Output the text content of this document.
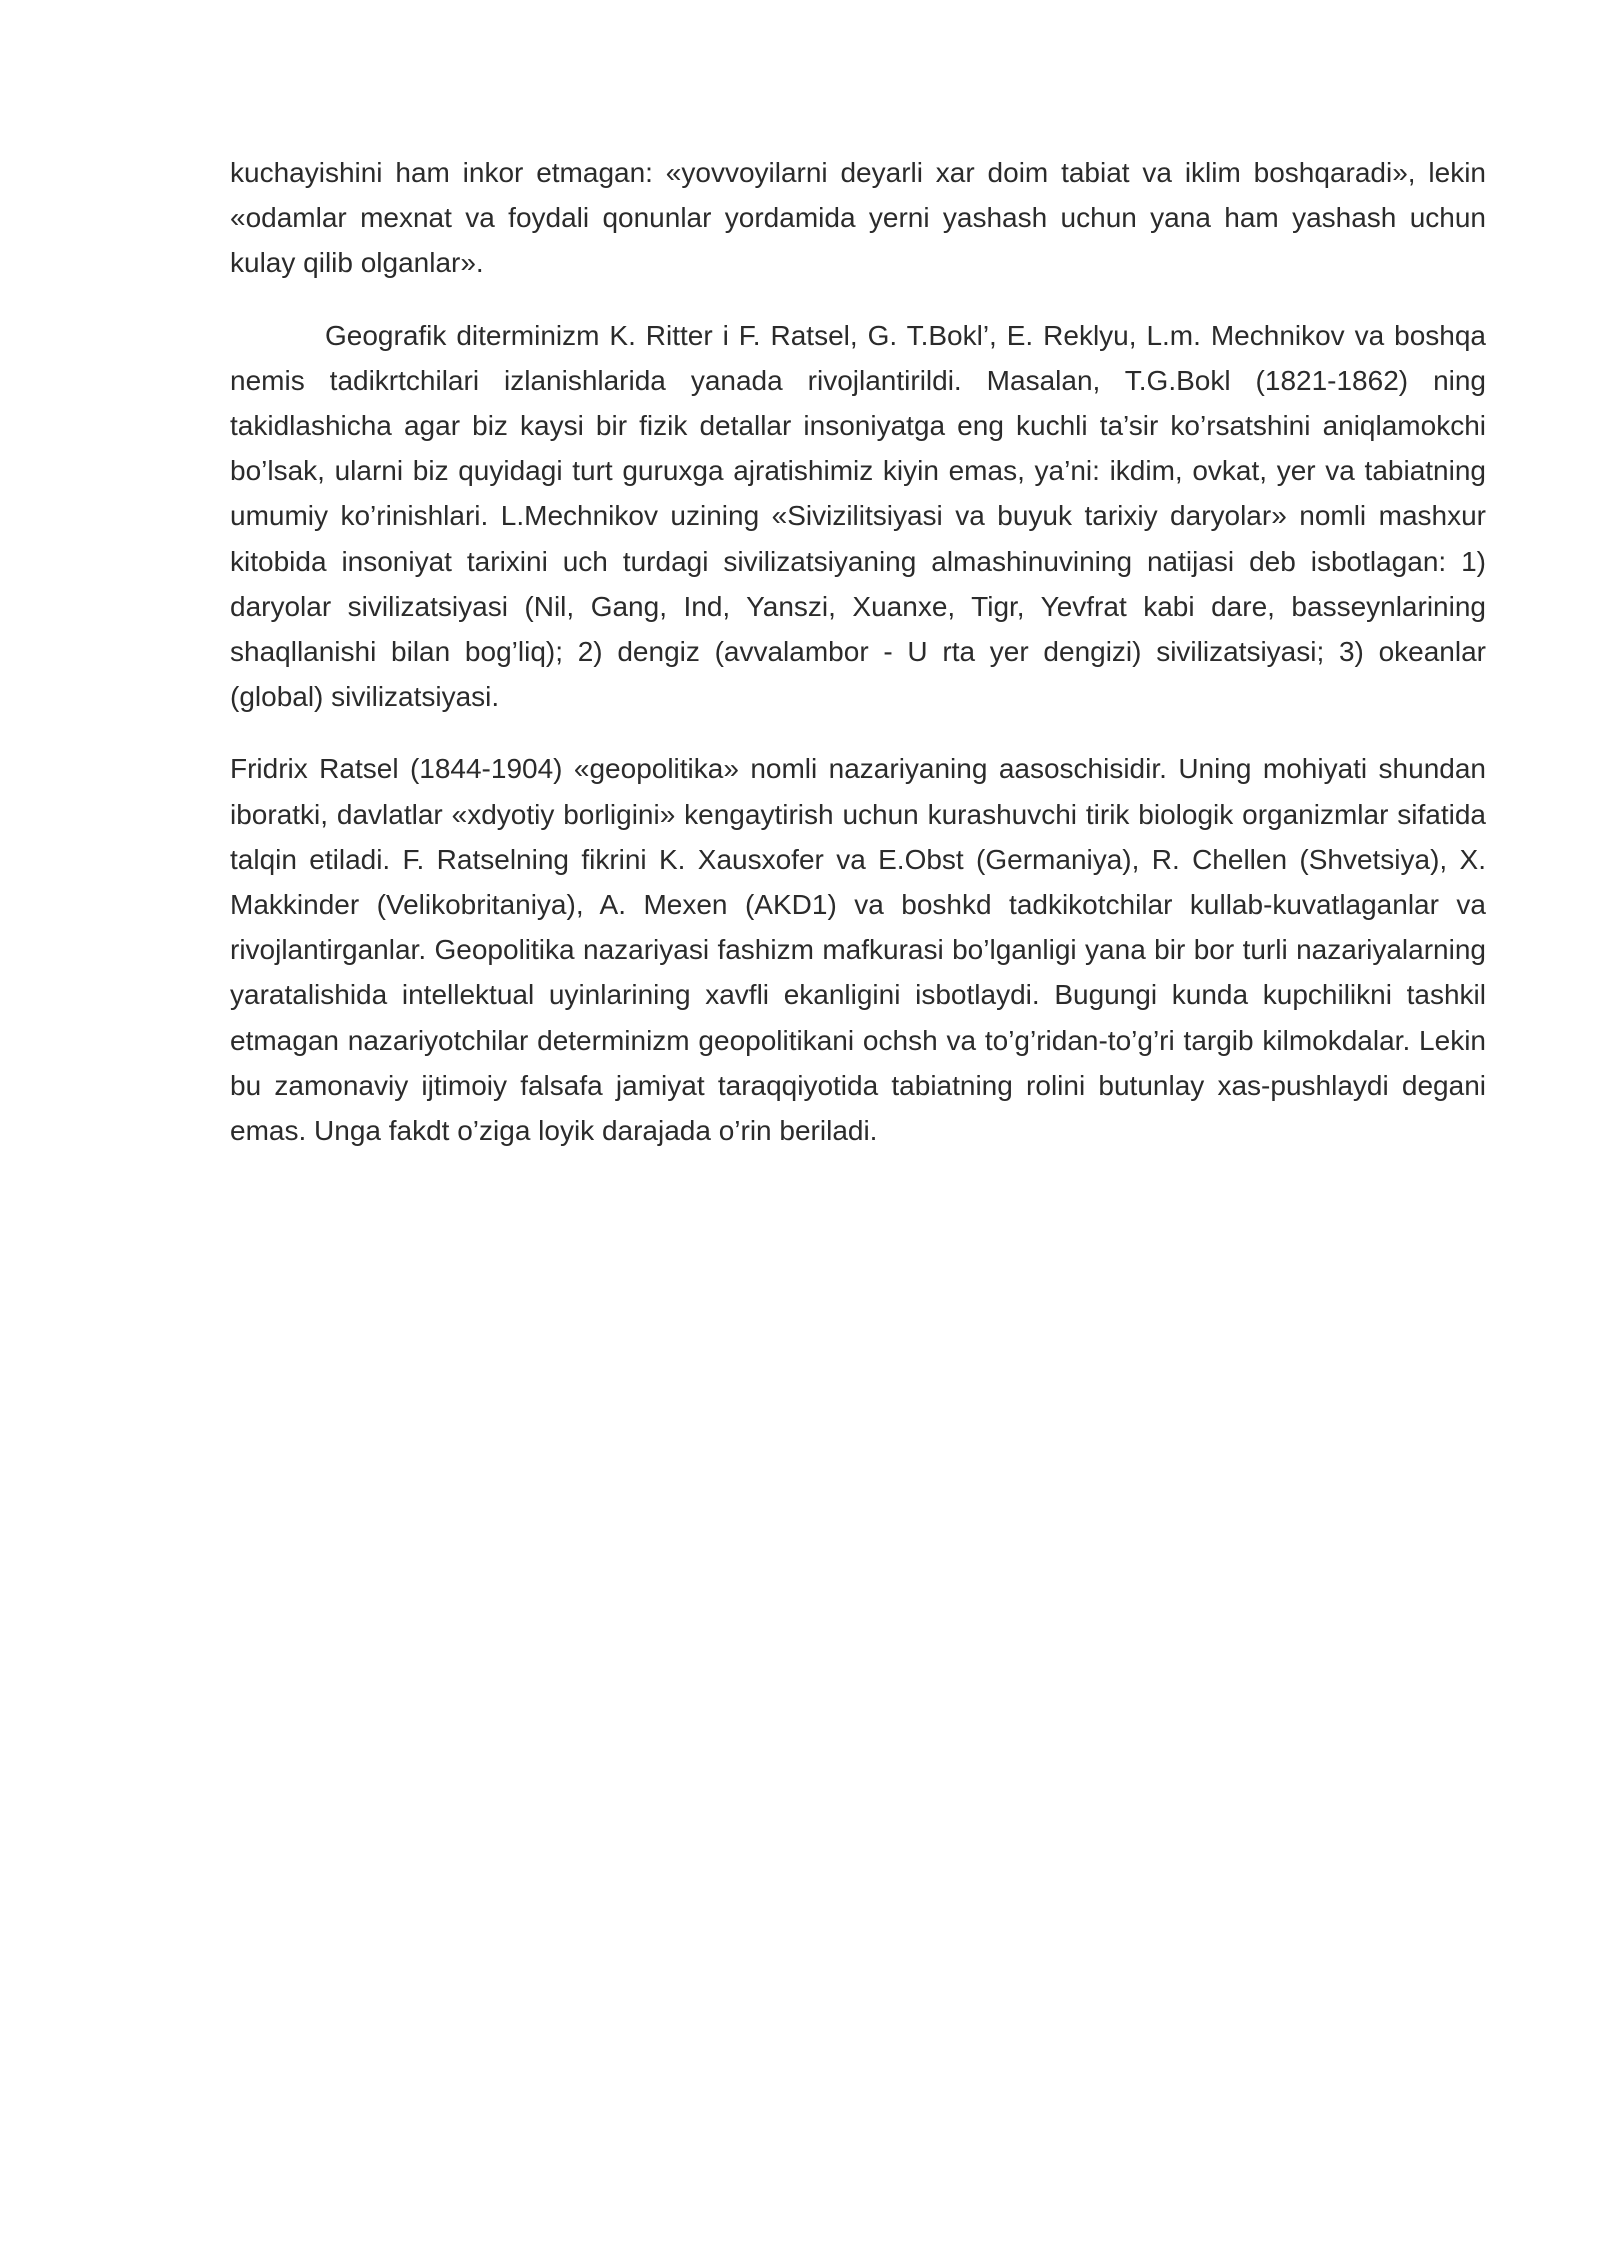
kuchayishini ham inkor etmagan: «yovvoyilarni deyarli xar doim tabiat va iklim boshqaradi», lekin «odamlar mexnat va foydali qonunlar yordamida yerni yashash uchun yana ham yashash uchun kulay qilib olganlar».

Geografik diterminizm K. Ritter i F. Ratsel, G. T.Bokl’, E. Reklyu, L.m. Mechnikov va boshqa nemis tadikrtchilari izlanishlarida yanada rivojlantirildi. Masalan, T.G.Bokl (1821-1862) ning takidlashicha agar biz kaysi bir fizik detallar insoniyatga eng kuchli ta’sir ko’rsatshini aniqlamokchi bo’lsak, ularni biz quyidagi turt guruxga ajratishimiz kiyin emas, ya’ni: ikdim, ovkat, yer va tabiatning umumiy ko’rinishlari. L.Mechnikov uzining «Sivizilitsiyasi va buyuk tarixiy daryolar» nomli mashxur kitobida insoniyat tarixini uch turdagi sivilizatsiyaning almashinuvining natijasi deb isbotlagan: 1) daryolar sivilizatsiyasi (Nil, Gang, Ind, Yanszi, Xuanxe, Tigr, Yevfrat kabi dare, basseynlarining shaqllanishi bilan bog’liq); 2) dengiz (avvalambor - U rta yer dengizi) sivilizatsiyasi; 3) okeanlar (global) sivilizatsiyasi.

Fridrix Ratsel (1844-1904) «geopolitika» nomli nazariyaning aasoschisidir. Uning mohiyati shundan iboratki, davlatlar «xdyotiy borligini» kengaytirish uchun kurashuvchi tirik biologik organizmlar sifatida talqin etiladi. F. Ratselning fikrini K. Xausxofer va E.Obst (Germaniya), R. Chellen (Shvetsiya), X. Makkinder (Velikobritaniya), A. Mexen (AKD1) va boshkd tadkikotchilar kullab-kuvatlaganlar va rivojlantirganlar. Geopolitika nazariyasi fashizm mafkurasi bo’lganligi yana bir bor turli nazariyalarning yaratalishida intellektual uyinlarining xavfli ekanligini isbotlaydi. Bugungi kunda kupchilikni tashkil etmagan nazariyotchilar determinizm geopolitikani ochsh va to’g’ridan-to’g’ri targib kilmokdalar. Lekin bu zamonaviy ijtimoiy falsafa jamiyat taraqqiyotida tabiatning rolini butunlay xas-pushlaydi degani emas. Unga fakdt o’ziga loyik darajada o’rin beriladi.
